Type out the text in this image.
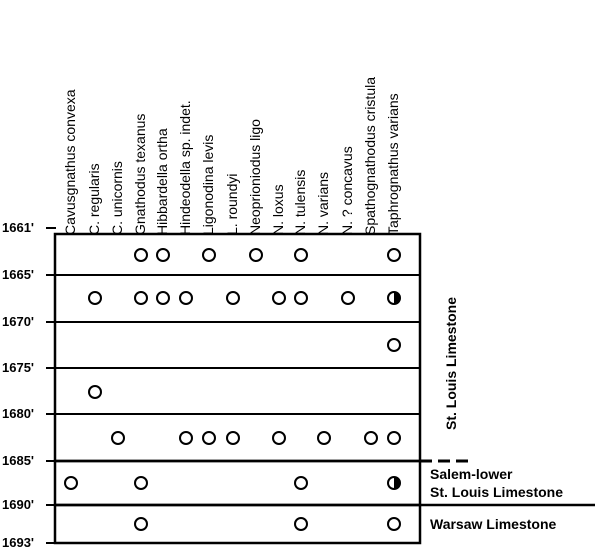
Cavusgnathus convexa C. regularis C. unicornis Gnathodus texanus Hibbardella ortha Hindeodella sp. indet. Ligonodina levis L. roundyi Neoprioniodus ligo N. loxus N. tulensis N. varians N. ? concavus Spathognathodus cristula Taphrognathus varians
1661'
1665'
1670'
1675'
1680'
1685'
1690'
1693'
St. Louis Limestone
Salem-lower
St. Louis Limestone
Warsaw Limestone
